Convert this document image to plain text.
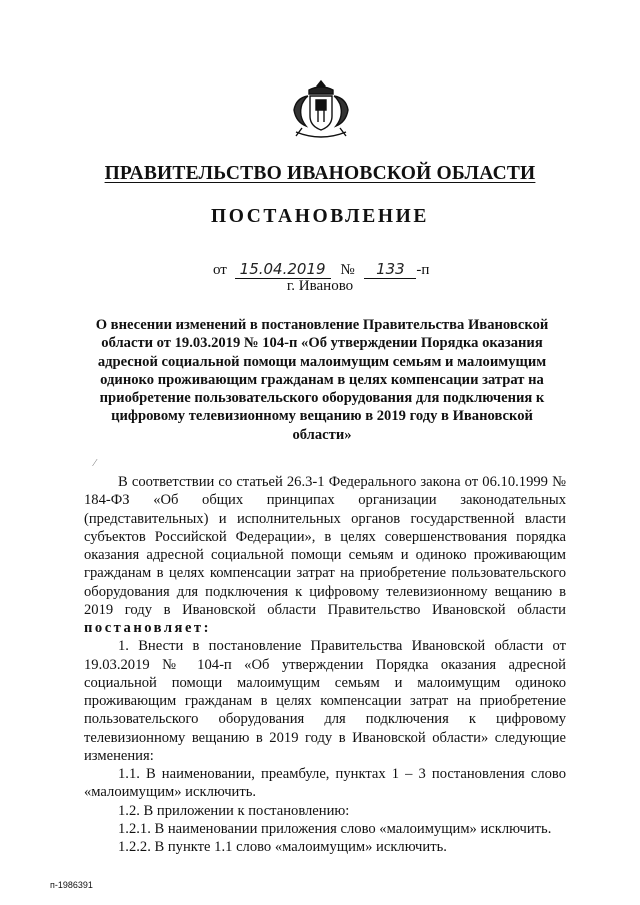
ПРАВИТЕЛЬСТВО ИВАНОВСКОЙ ОБЛАСТИ
ПОСТАНОВЛЕНИЕ
от 15.04.2019 № 133 -п
г. Иваново
О внесении изменений в постановление Правительства Ивановской области от 19.03.2019 № 104-п «Об утверждении Порядка оказания адресной социальной помощи малоимущим семьям и малоимущим одиноко проживающим гражданам в целях компенсации затрат на приобретение пользовательского оборудования для подключения к цифровому телевизионному вещанию в 2019 году в Ивановской области»
⁄

В соответствии со статьей 26.3-1 Федерального закона от 06.10.1999 № 184-ФЗ «Об общих принципах организации законодательных (представительных) и исполнительных органов государственной власти субъектов Российской Федерации», в целях совершенствования порядка оказания адресной социальной помощи семьям и одиноко проживающим гражданам в целях компенсации затрат на приобретение пользовательского оборудования для подключения к цифровому телевизионному вещанию в 2019 году в Ивановской области Правительство Ивановской области постановляет:

1. Внести в постановление Правительства Ивановской области от 19.03.2019 № 104-п «Об утверждении Порядка оказания адресной социальной помощи малоимущим семьям и малоимущим одиноко проживающим гражданам в целях компенсации затрат на приобретение пользовательского оборудования для подключения к цифровому телевизионному вещанию в 2019 году в Ивановской области» следующие изменения:

1.1. В наименовании, преамбуле, пунктах 1 – 3 постановления слово «малоимущим» исключить.

1.2. В приложении к постановлению:

1.2.1. В наименовании приложения слово «малоимущим» исключить.

1.2.2. В пункте 1.1 слово «малоимущим» исключить.

п-1986391
